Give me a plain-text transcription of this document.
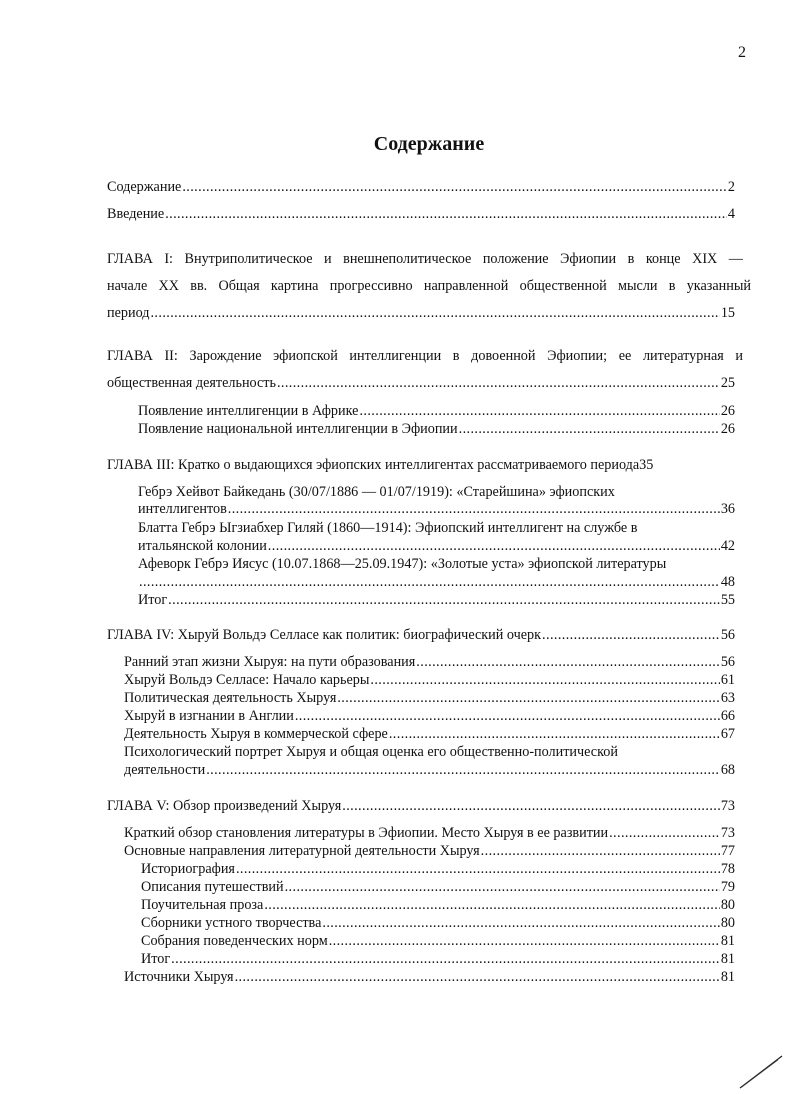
2
Содержание
Содержание .....	2
Введение .....	4
ГЛАВА I: Внутриполитическое и внешнеполитическое положение Эфиопии в конце XIX —
начале XX вв. Общая картина прогрессивно направленной общественной мысли в указанный
период .....	15
ГЛАВА II: Зарождение эфиопской интеллигенции в довоенной Эфиопии; ее литературная и
общественная деятельность .....	25
Появление интеллигенции в Африке .....	26
Появление национальной интеллигенции в Эфиопии .....	26
ГЛАВА III: Кратко о выдающихся эфиопских интеллигентах рассматриваемого периода 35
Гебрэ Хейвот Байкедань (30/07/1886 — 01/07/1919): «Старейшина» эфиопских
интеллигентов .....	36
Блатта Гебрэ Ыгзиабхер Гиляй (1860—1914): Эфиопский интеллигент на службе в
итальянской колонии .....	42
Афеворк Гебрэ Иясус (10.07.1868—25.09.1947): «Золотые уста» эфиопской литературы
.....
48
Итог .....	55
ГЛАВА IV: Хыруй Вольдэ Селласе как политик: биографический очерк .....	56
Ранний этап жизни Хыруя: на пути образования .....	56
Хыруй Вольдэ Селласе: Начало карьеры .....	61
Политическая деятельность Хыруя .....	63
Хыруй в изгнании в Англии .....	66
Деятельность Хыруя в коммерческой сфере .....	67
Психологический портрет Хыруя и общая оценка его общественно-политической
деятельности .....	68
ГЛАВА V: Обзор произведений Хыруя .....	73
Краткий обзор становления литературы в Эфиопии. Место Хыруя в ее развитии .....	73
Основные направления литературной деятельности Хыруя .....	77
Историография .....	78
Описания путешествий .....	79
Поучительная проза .....	80
Сборники устного творчества .....	80
Собрания поведенческих норм .....	81
Итог .....	81
Источники Хыруя .....	81
